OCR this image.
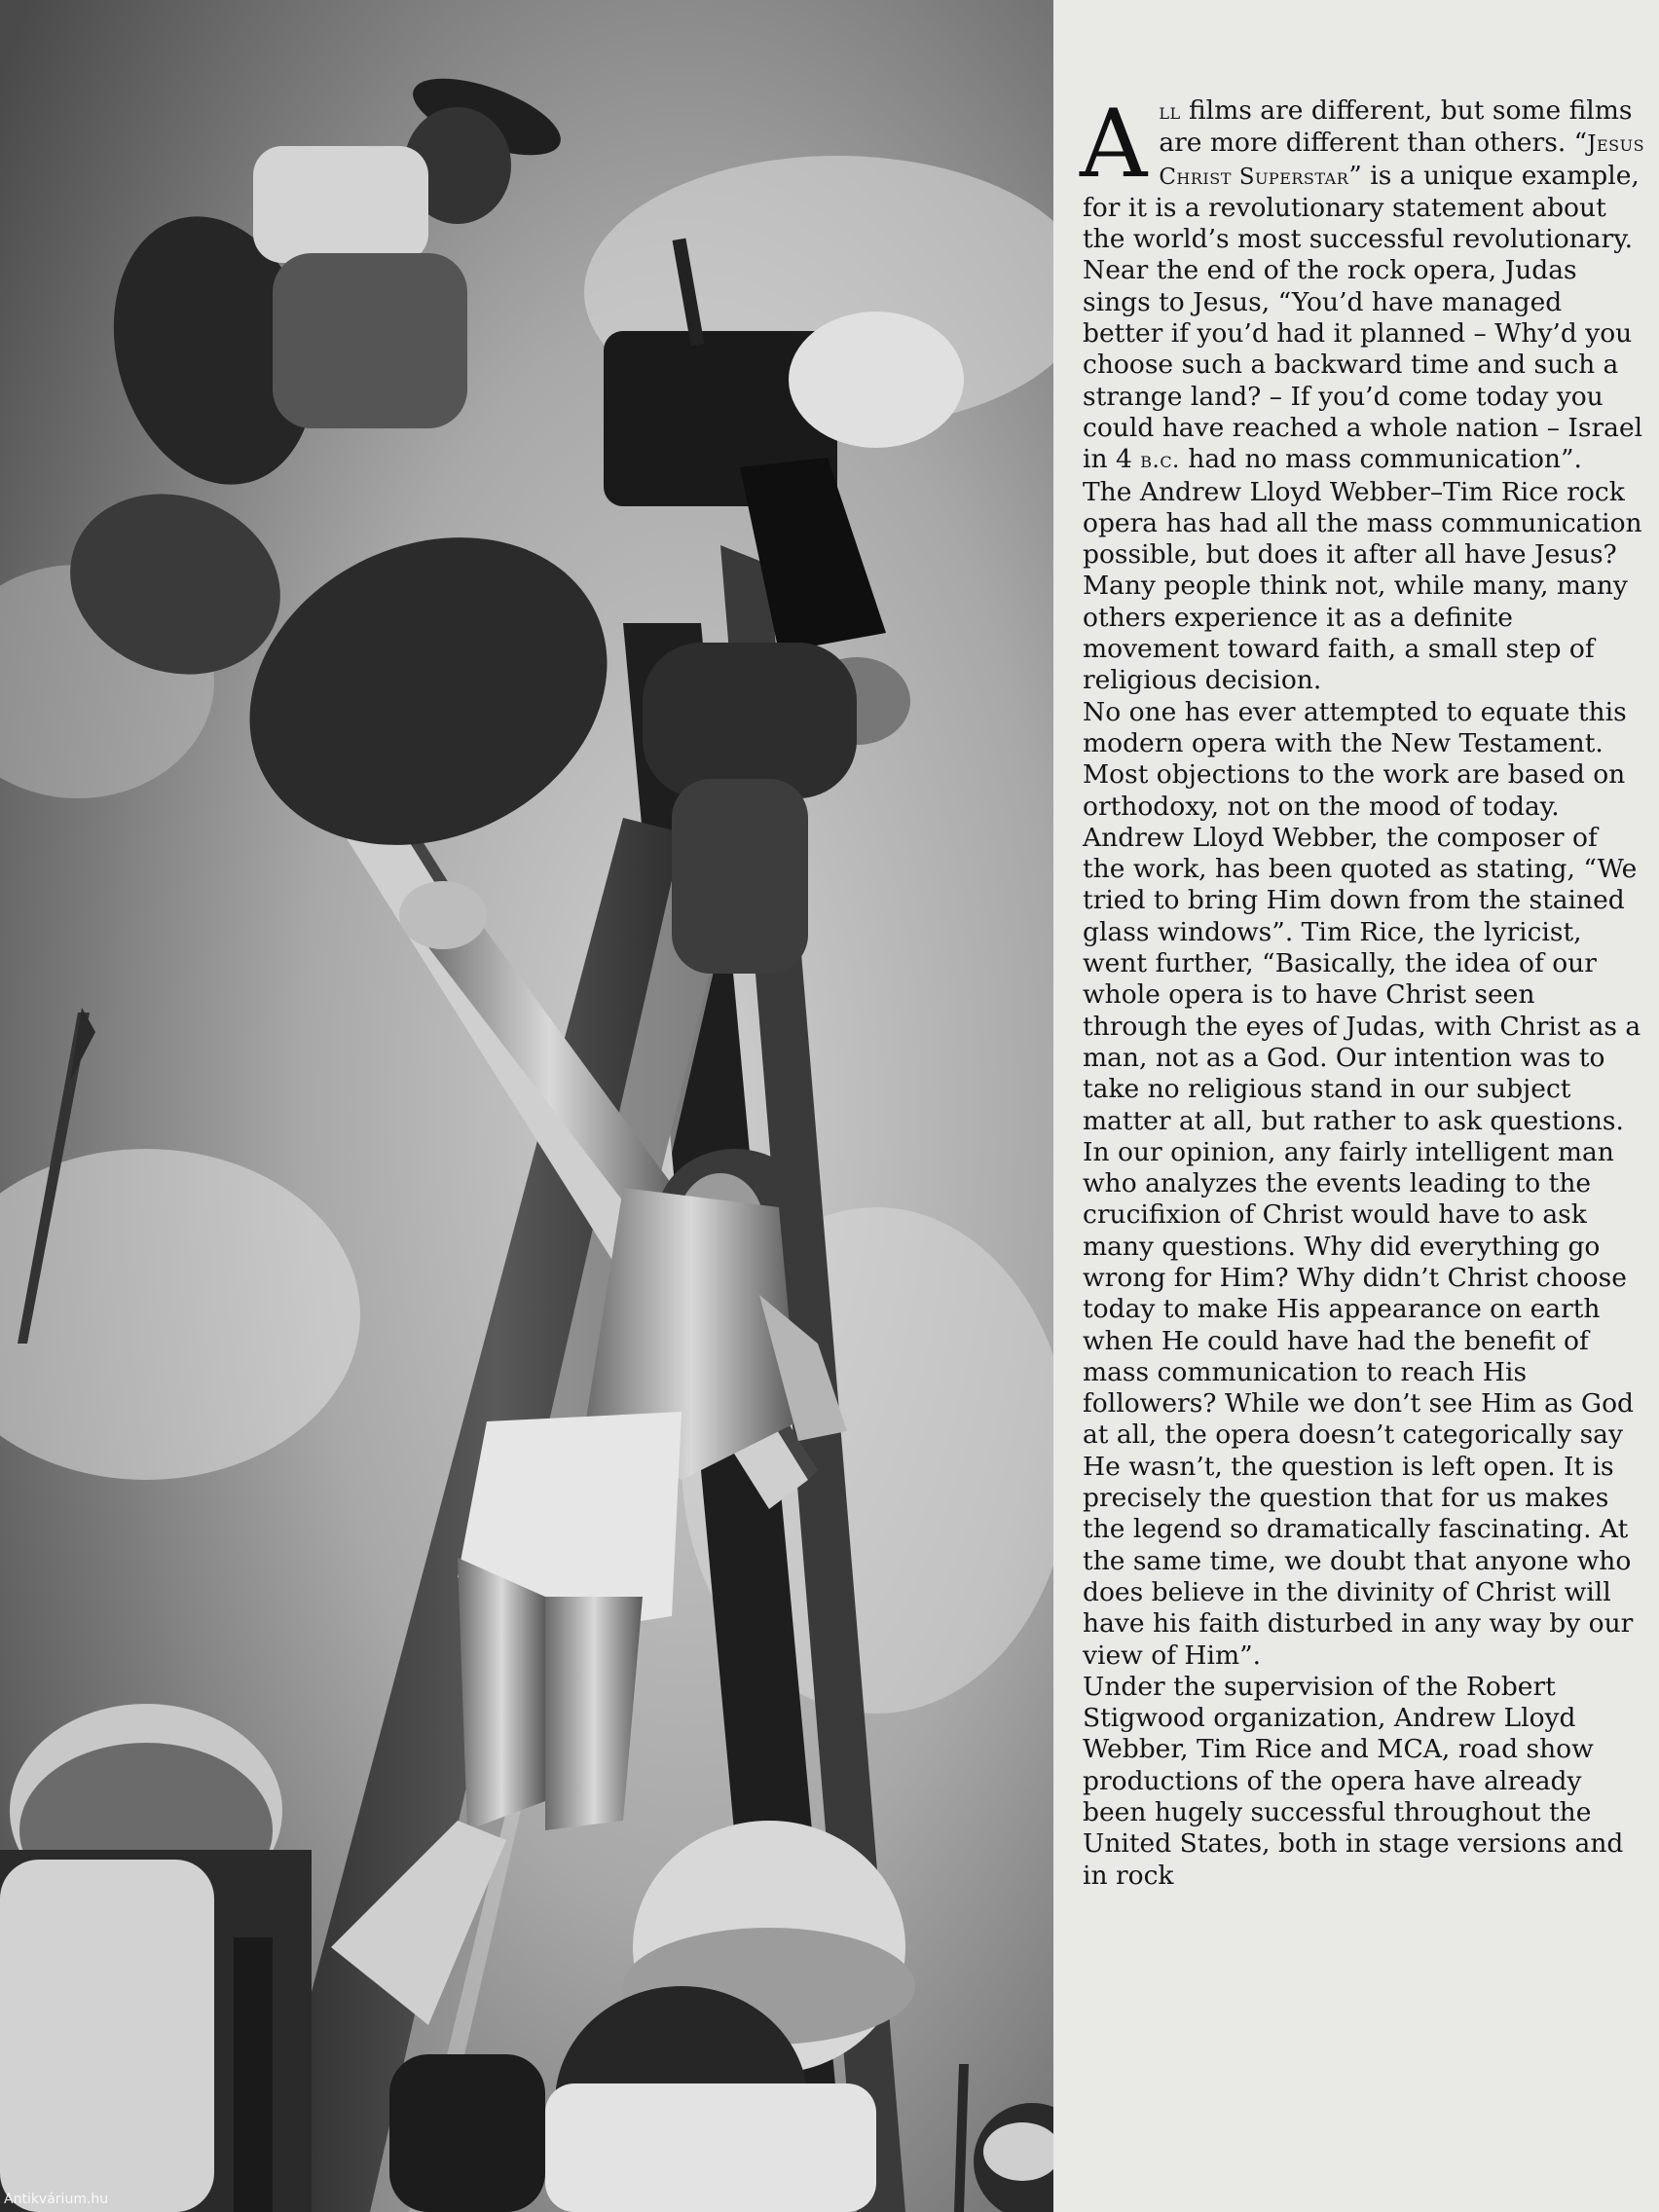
Antikvárium.hu

All films are different, but some films are more different than others. “Jesus Christ Superstar” is a unique example, for it is a revolutionary statement about the world’s most successful revolutionary. Near the end of the rock opera, Judas sings to Jesus, “You’d have managed better if you’d had it planned – Why’d you choose such a backward time and such a strange land? – If you’d come today you could have reached a whole nation – Israel in 4 b.c. had no mass communication”.

The Andrew Lloyd Webber–Tim Rice rock opera has had all the mass communication possible, but does it after all have Jesus? Many people think not, while many, many others experience it as a definite movement toward faith, a small step of religious decision.

No one has ever attempted to equate this modern opera with the New Testament. Most objections to the work are based on orthodoxy, not on the mood of today.

Andrew Lloyd Webber, the composer of the work, has been quoted as stating, “We tried to bring Him down from the stained glass windows”. Tim Rice, the lyricist, went further, “Basically, the idea of our whole opera is to have Christ seen through the eyes of Judas, with Christ as a man, not as a God. Our intention was to take no religious stand in our subject matter at all, but rather to ask questions. In our opinion, any fairly intelligent man who analyzes the events leading to the crucifixion of Christ would have to ask many questions. Why did everything go wrong for Him? Why didn’t Christ choose today to make His appearance on earth when He could have had the benefit of mass communication to reach His followers? While we don’t see Him as God at all, the opera doesn’t categorically say He wasn’t, the question is left open. It is precisely the question that for us makes the legend so dramatically fascinating. At the same time, we doubt that anyone who does believe in the divinity of Christ will have his faith disturbed in any way by our view of Him”.

Under the supervision of the Robert Stigwood organization, Andrew Lloyd Webber, Tim Rice and MCA, road show productions of the opera have already been hugely successful throughout the United States, both in stage versions and in rock
